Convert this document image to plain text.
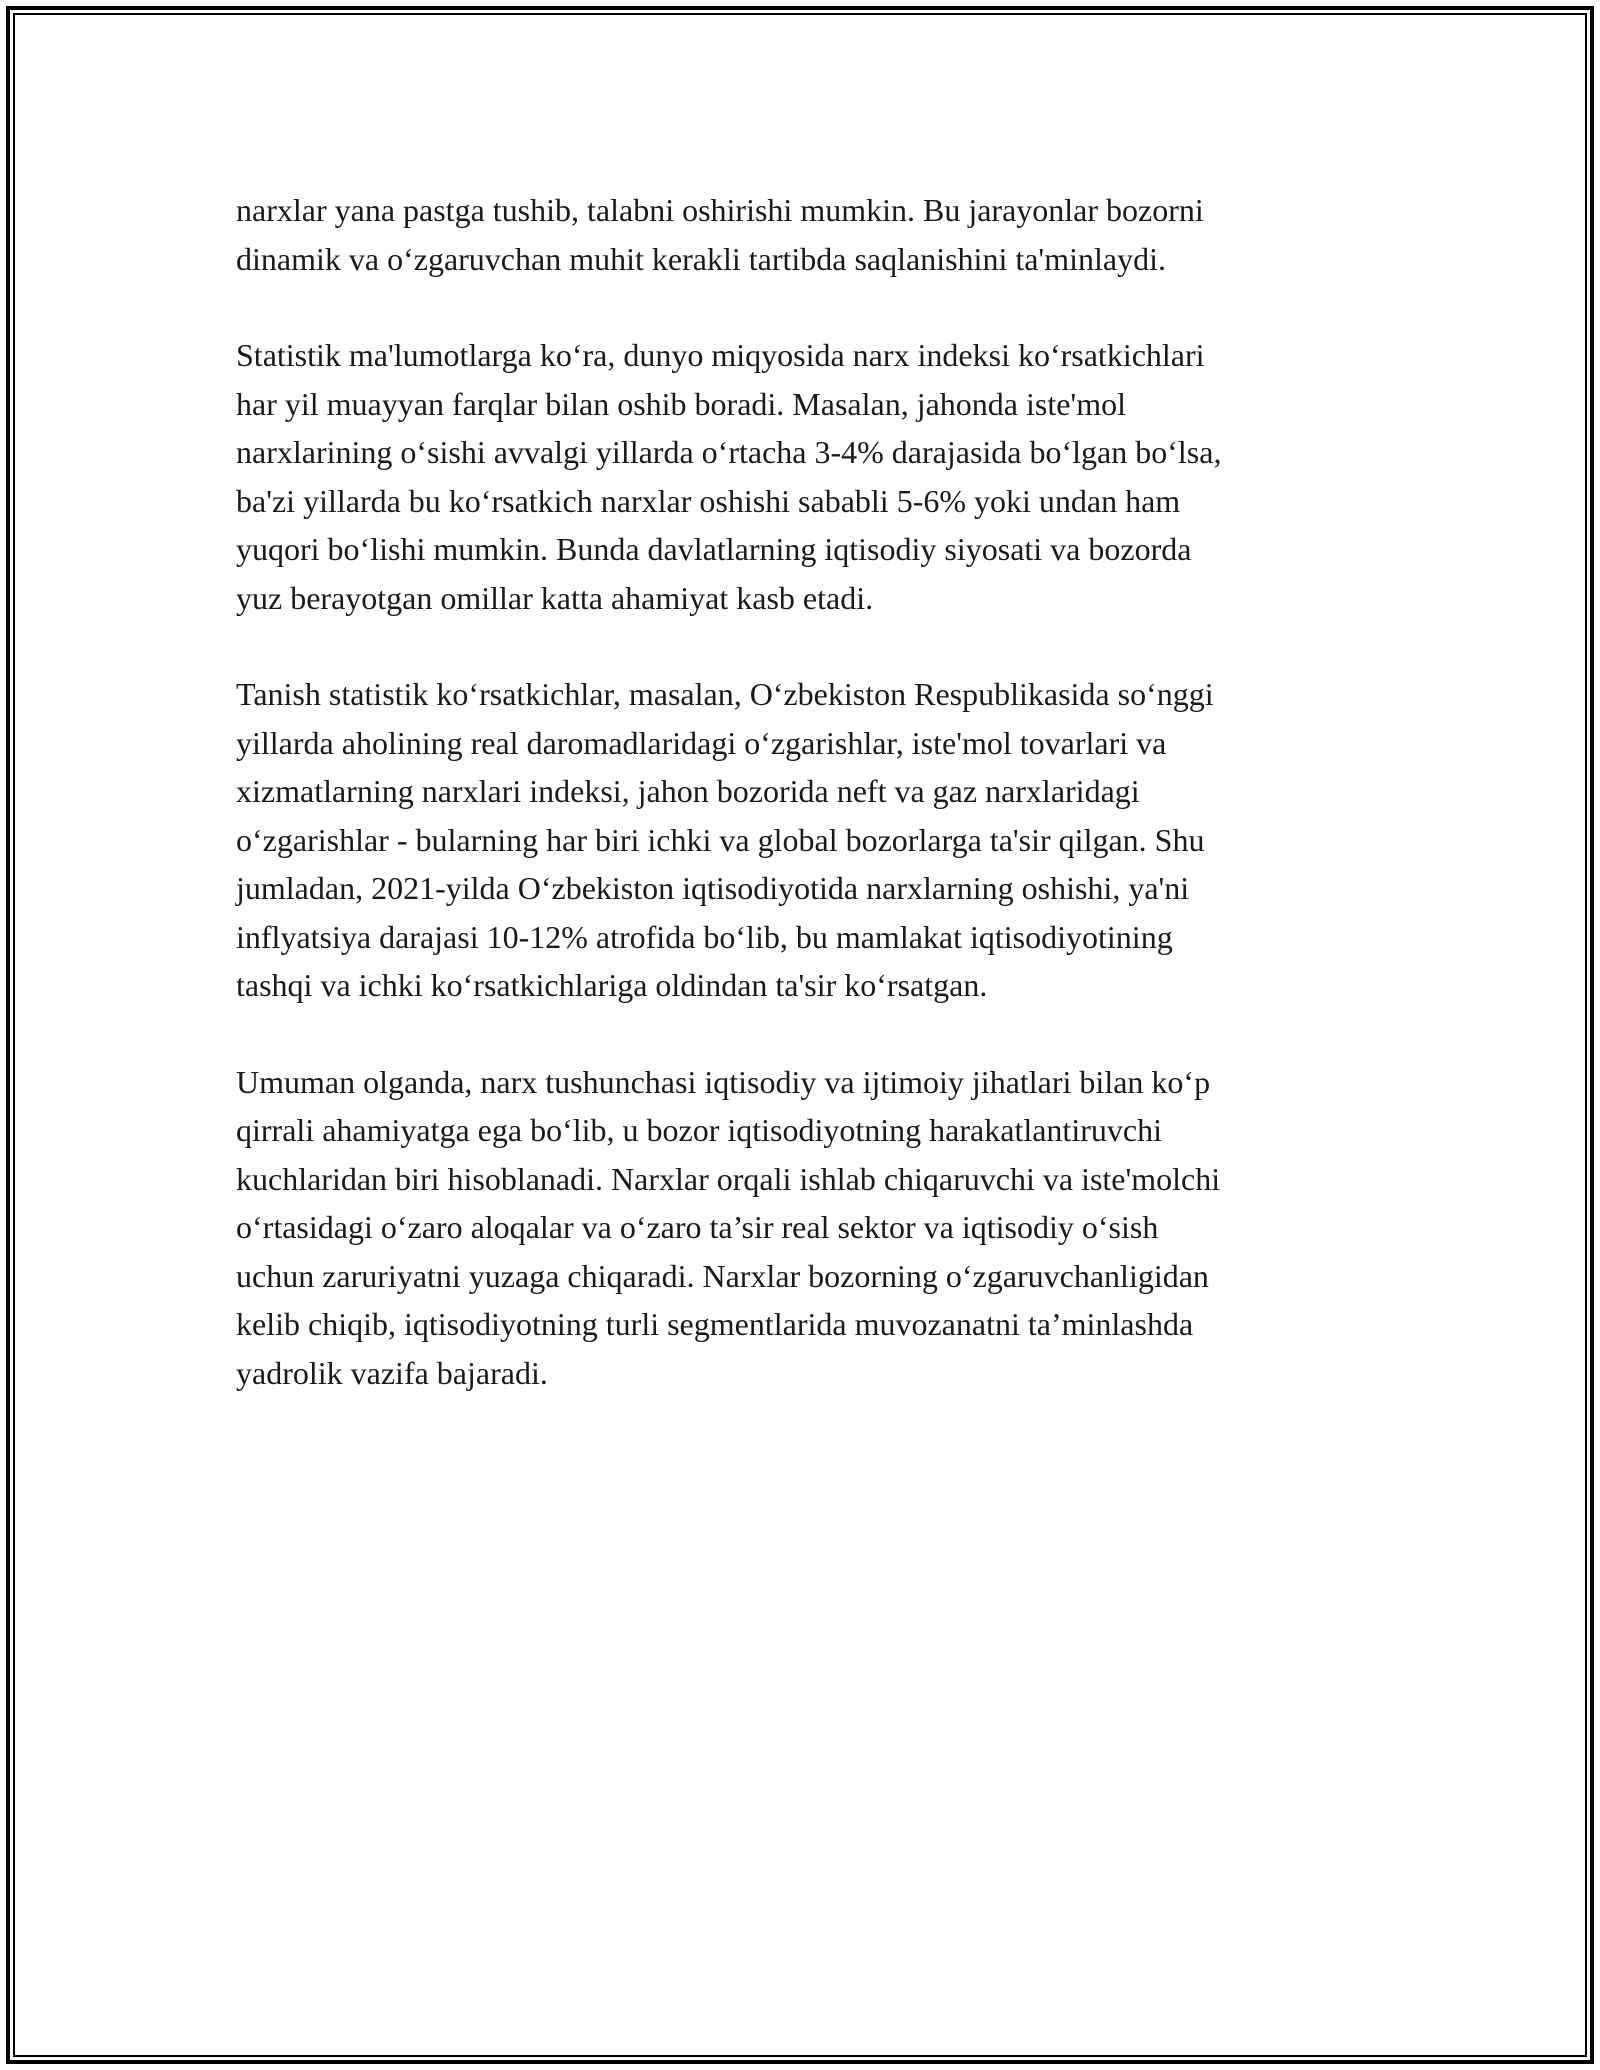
narxlar yana pastga tushib, talabni oshirishi mumkin. Bu jarayonlar bozorni
dinamik va o‘zgaruvchan muhit kerakli tartibda saqlanishini ta'minlaydi.

Statistik ma'lumotlarga ko‘ra, dunyo miqyosida narx indeksi ko‘rsatkichlari
har yil muayyan farqlar bilan oshib boradi. Masalan, jahonda iste'mol
narxlarining o‘sishi avvalgi yillarda o‘rtacha 3-4% darajasida bo‘lgan bo‘lsa,
ba'zi yillarda bu ko‘rsatkich narxlar oshishi sababli 5-6% yoki undan ham
yuqori bo‘lishi mumkin. Bunda davlatlarning iqtisodiy siyosati va bozorda
yuz berayotgan omillar katta ahamiyat kasb etadi.

Tanish statistik ko‘rsatkichlar, masalan, O‘zbekiston Respublikasida so‘nggi
yillarda aholining real daromadlaridagi o‘zgarishlar, iste'mol tovarlari va
xizmatlarning narxlari indeksi, jahon bozorida neft va gaz narxlaridagi
o‘zgarishlar - bularning har biri ichki va global bozorlarga ta'sir qilgan. Shu
jumladan, 2021-yilda O‘zbekiston iqtisodiyotida narxlarning oshishi, ya'ni
inflyatsiya darajasi 10-12% atrofida bo‘lib, bu mamlakat iqtisodiyotining
tashqi va ichki ko‘rsatkichlariga oldindan ta'sir ko‘rsatgan.

Umuman olganda, narx tushunchasi iqtisodiy va ijtimoiy jihatlari bilan ko‘p
qirrali ahamiyatga ega bo‘lib, u bozor iqtisodiyotning harakatlantiruvchi
kuchlaridan biri hisoblanadi. Narxlar orqali ishlab chiqaruvchi va iste'molchi
o‘rtasidagi o‘zaro aloqalar va o‘zaro ta’sir real sektor va iqtisodiy o‘sish
uchun zaruriyatni yuzaga chiqaradi. Narxlar bozorning o‘zgaruvchanligidan
kelib chiqib, iqtisodiyotning turli segmentlarida muvozanatni ta’minlashda
yadrolik vazifa bajaradi.
